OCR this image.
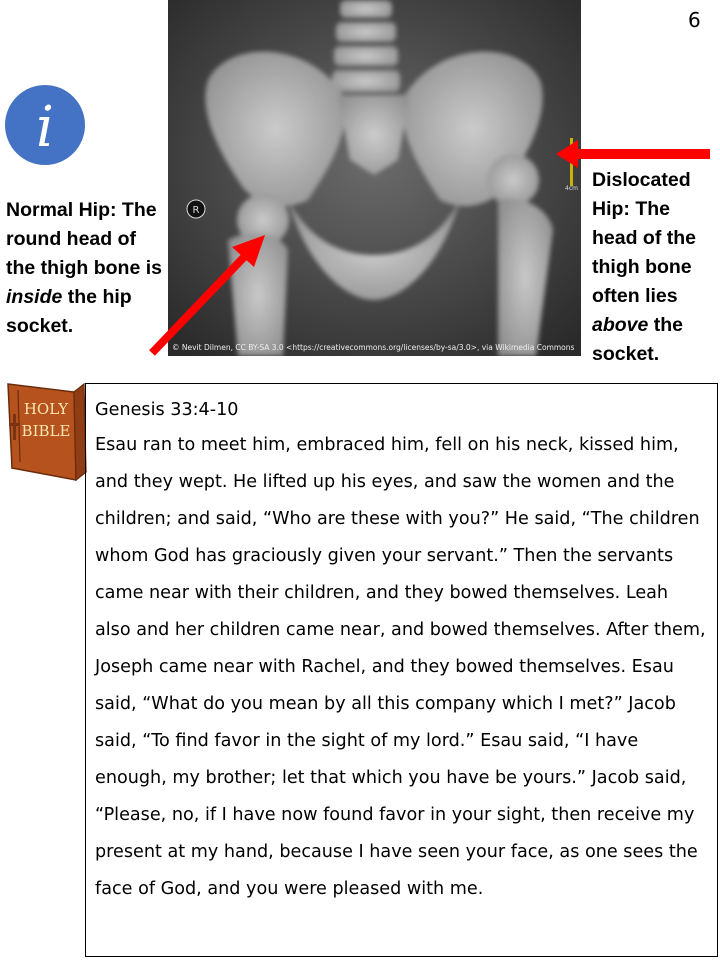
6
i
R
4cm
© Nevit Dilmen, CC BY-SA 3.0 <https://creativecommons.org/licenses/by-sa/3.0>, via Wikimedia Commons
Normal Hip: The round head of the thigh bone is inside the hip socket.
Dislocated Hip: The head of the thigh bone often lies above the socket.
HOLY
BIBLE
Genesis 33:4-10
Esau ran to meet him, embraced him, fell on his neck, kissed him, and they wept. He lifted up his eyes, and saw the women and the children; and said, “Who are these with you?” He said, “The children whom God has graciously given your servant.” Then the servants came near with their children, and they bowed themselves. Leah also and her children came near, and bowed themselves. After them, Joseph came near with Rachel, and they bowed themselves. Esau said, “What do you mean by all this company which I met?” Jacob said, “To find favor in the sight of my lord.” Esau said, “I have enough, my brother; let that which you have be yours.” Jacob said, “Please, no, if I have now found favor in your sight, then receive my present at my hand, because I have seen your face, as one sees the face of God, and you were pleased with me.
